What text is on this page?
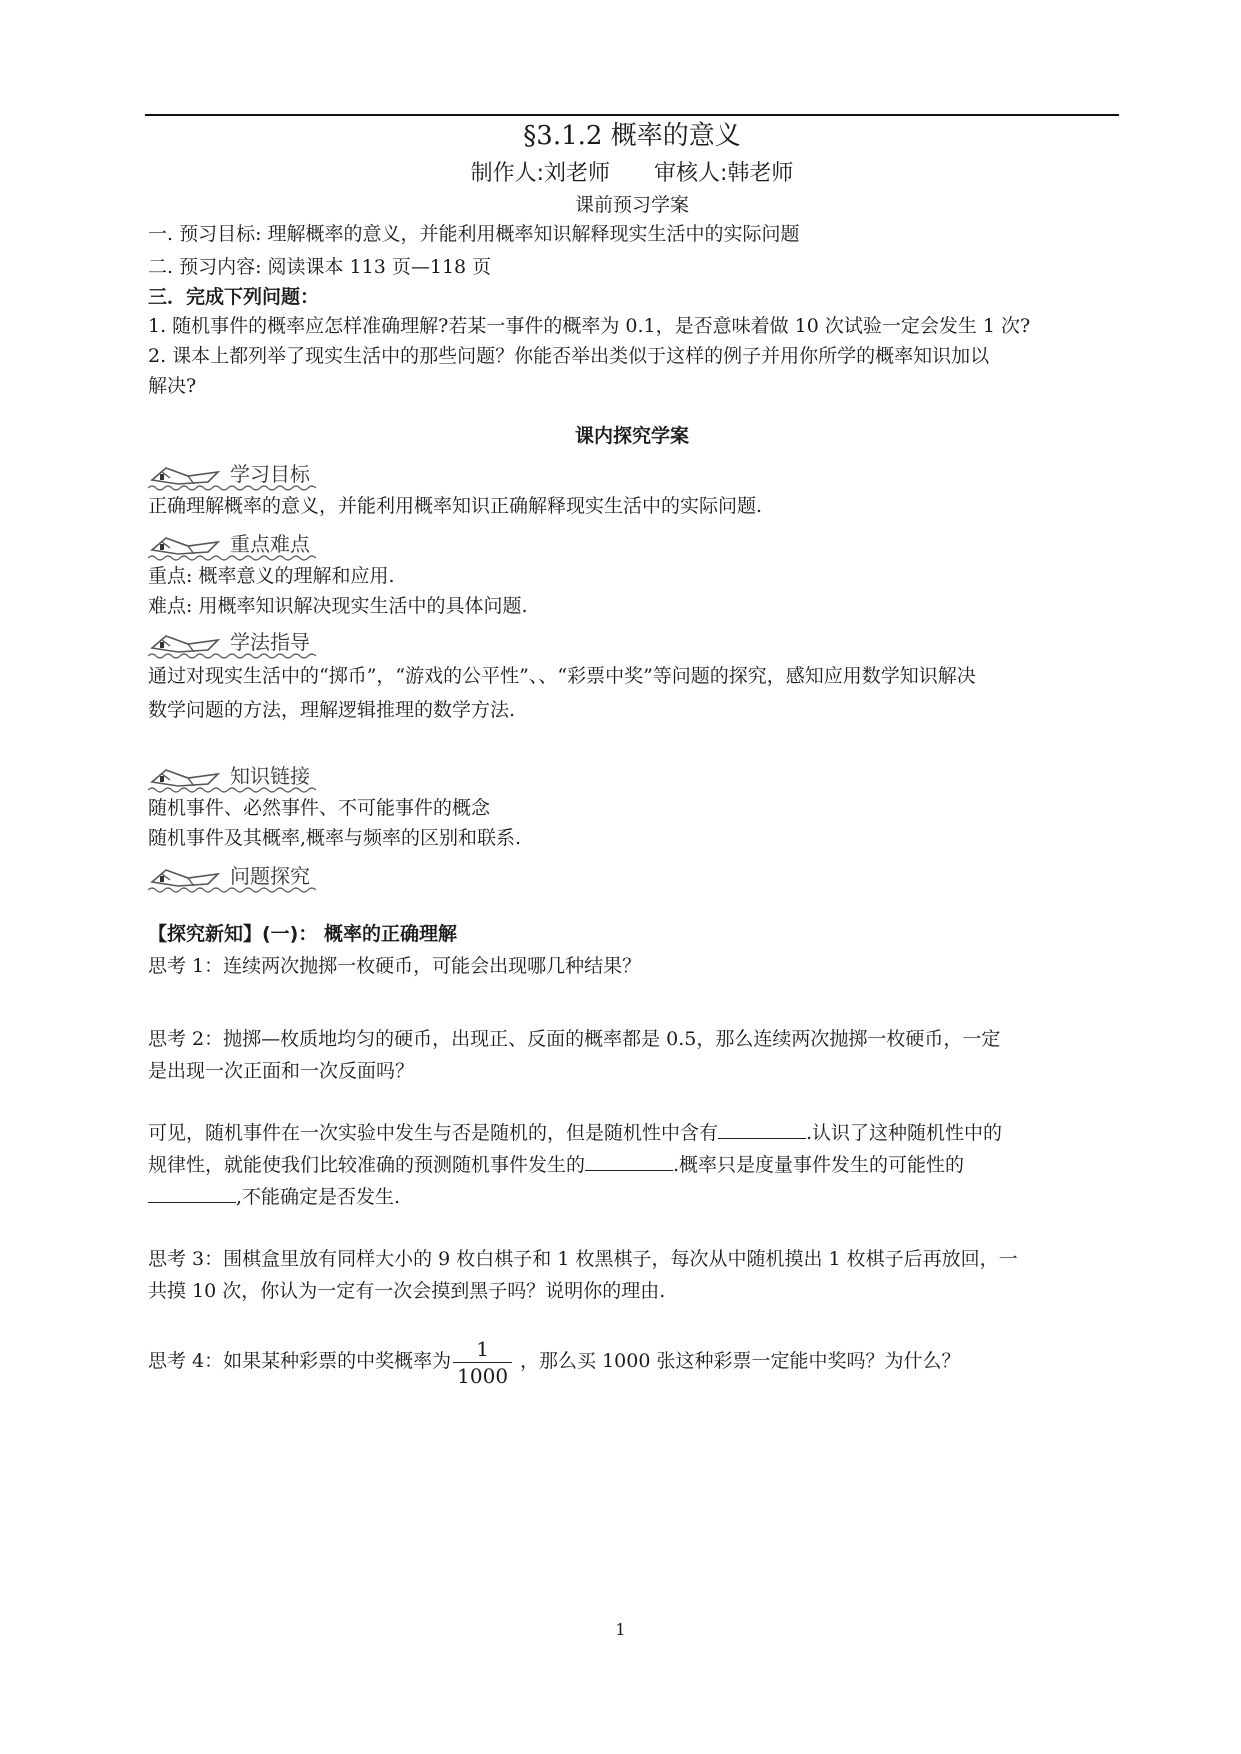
§3.1.2 概率的意义
制作人:刘老师　　审核人:韩老师
课前预习学案
一. 预习目标: 理解概率的意义，并能利用概率知识解释现实生活中的实际问题
二. 预习内容: 阅读课本 113 页—118 页
三．完成下列问题：
1. 随机事件的概率应怎样准确理解?若某一事件的概率为 0.1，是否意味着做 10 次试验一定会发生 1 次?
2. 课本上都列举了现实生活中的那些问题？你能否举出类似于这样的例子并用你所学的概率知识加以
解决?
课内探究学案
学习目标
正确理解概率的意义，并能利用概率知识正确解释现实生活中的实际问题.
重点难点
重点: 概率意义的理解和应用.
难点: 用概率知识解决现实生活中的具体问题.
学法指导
通过对现实生活中的“掷币”，“游戏的公平性”、、“彩票中奖”等问题的探究，感知应用数学知识解决
数学问题的方法，理解逻辑推理的数学方法.
知识链接
随机事件、必然事件、不可能事件的概念
随机事件及其概率,概率与频率的区别和联系.
问题探究
【探究新知】(一)： 概率的正确理解
思考 1：连续两次抛掷一枚硬币，可能会出现哪几种结果？
思考 2：抛掷—枚质地均匀的硬币，出现正、反面的概率都是 0.5，那么连续两次抛掷一枚硬币，一定
是出现一次正面和一次反面吗？
可见，随机事件在一次实验中发生与否是随机的，但是随机性中含有	.认识了这种随机性中的
规律性，就能使我们比较准确的预测随机事件发生的	.概率只是度量事件发生的可能性的
,不能确定是否发生.
思考 3：围棋盒里放有同样大小的 9 枚白棋子和 1 枚黑棋子，每次从中随机摸出 1 枚棋子后再放回，一
共摸 10 次，你认为一定有一次会摸到黑子吗？说明你的理由.
思考 4：如果某种彩票的中奖概率为 $\frac{1}{1000}$ ，那么买 1000 张这种彩票一定能中奖吗？为什么？
1
